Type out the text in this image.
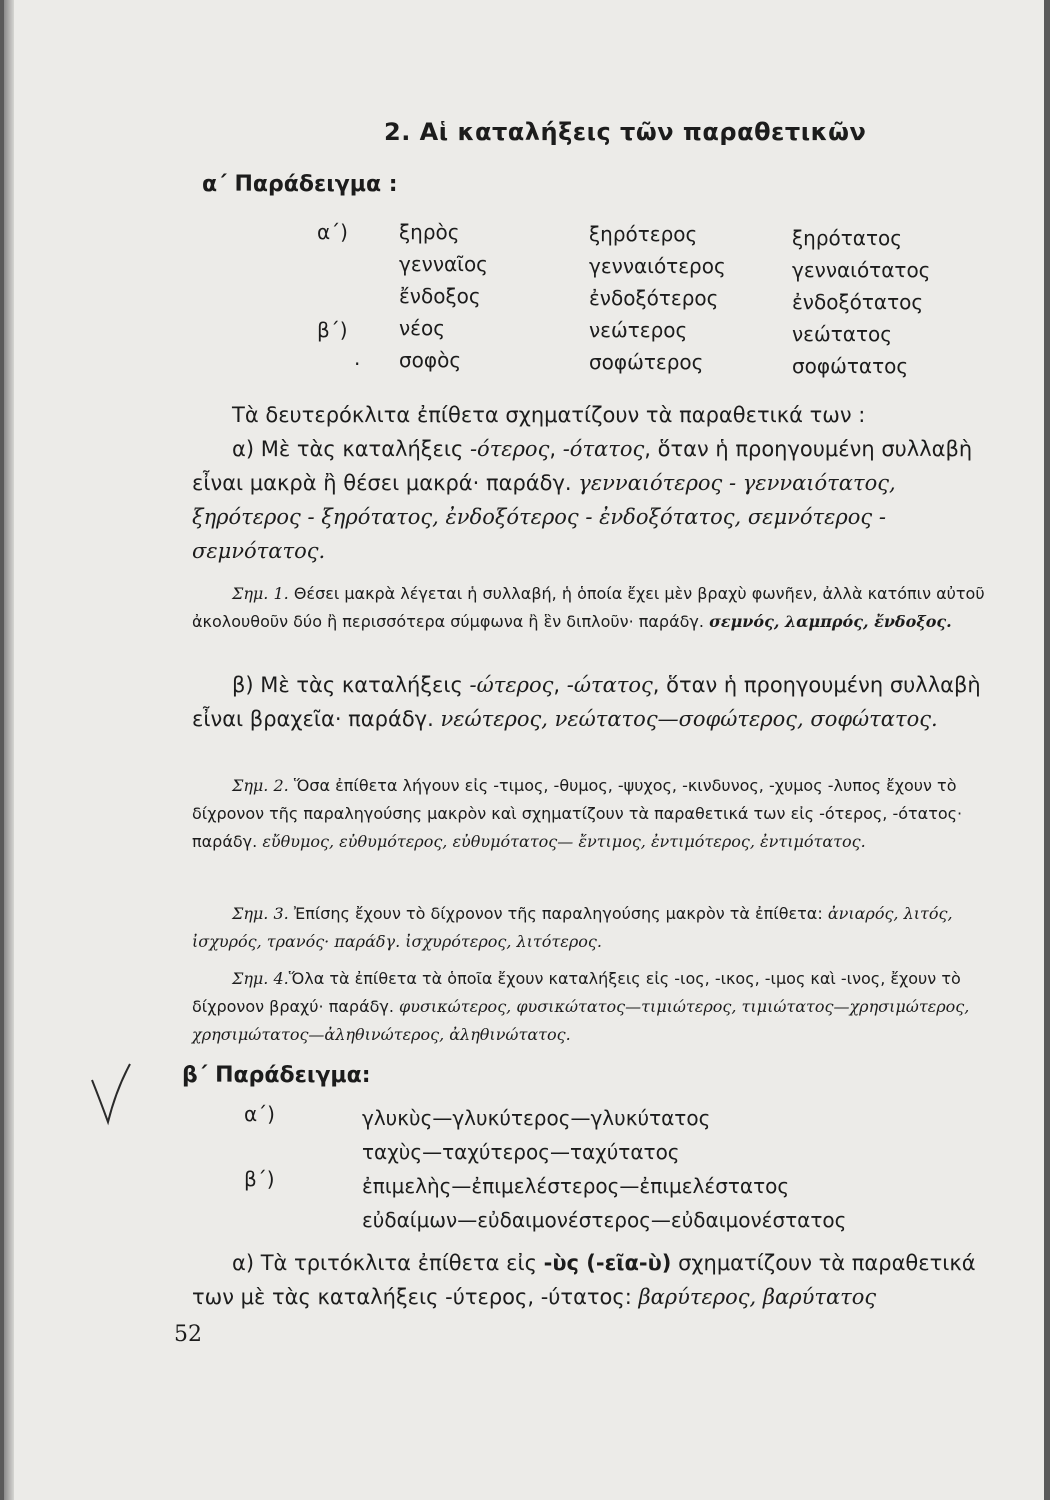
2. Αἱ καταλήξεις τῶν παραθετικῶν
α΄ Παράδειγμα :
α΄)
β΄)
·
ξηρὸς
γενναῖος
ἔνδοξος
νέος
σοφὸς
ξηρότερος
γενναιότερος
ἐνδοξότερος
νεώτερος
σοφώτερος
ξηρότατος
γενναιότατος
ἐνδοξότατος
νεώτατος
σοφώτατος
Τὰ δευτερόκλιτα ἐπίθετα σχηματίζουν τὰ παραθετικά των :
α) Μὲ τὰς καταλήξεις -ότερος, -ότατος, ὅταν ἡ προηγουμένη συλλαβὴ εἶναι μακρὰ ἢ θέσει μακρά· παράδγ. γενναιότερος - γενναιότατος, ξηρότερος - ξηρότατος, ἐνδοξότερος - ἐνδοξότατος, σεμνότερος - σεμνότατος.
Σημ. 1. Θέσει μακρὰ λέγεται ἡ συλλαβή, ἡ ὁποία ἔχει μὲν βραχὺ φωνῆεν, ἀλλὰ κατόπιν αὐτοῦ ἀκολουθοῦν δύο ἢ περισσότερα σύμφωνα ἢ ἓν διπλοῦν· παράδγ. σεμνός, λαμπρός, ἔνδοξος.
β) Μὲ τὰς καταλήξεις -ώτερος, -ώτατος, ὅταν ἡ προηγουμένη συλλαβὴ εἶναι βραχεῖα· παράδγ. νεώτερος, νεώτατος—σοφώτερος, σοφώτατος.
Σημ. 2. Ὅσα ἐπίθετα λήγουν εἰς -τιμος, -θυμος, -ψυχος, -κινδυνος, -χυμος -λυπος ἔχουν τὸ δίχρονον τῆς παραληγούσης μακρὸν καὶ σχηματίζουν τὰ παραθετικά των εἰς -ότερος, -ότατος· παράδγ. εὔθυμος, εὐθυμότερος, εὐθυμότατος— ἔντιμος, ἐντιμότερος, ἐντιμότατος.
Σημ. 3. Ἐπίσης ἔχουν τὸ δίχρονον τῆς παραληγούσης μακρὸν τὰ ἐπίθετα: ἀνιαρός, λιτός, ἰσχυρός, τρανός· παράδγ. ἰσχυρότερος, λιτότερος.
Σημ. 4.Ὅλα τὰ ἐπίθετα τὰ ὁποῖα ἔχουν καταλήξεις εἰς -ιος, -ικος, -ιμος καὶ -ινος, ἔχουν τὸ δίχρονον βραχύ· παράδγ. φυσικώτερος, φυσικώτατος—τιμιώτερος, τιμιώτατος—χρησιμώτερος, χρησιμώτατος—ἀληθινώτερος, ἀληθινώτατος.
β΄ Παράδειγμα:
α΄)
β΄)
γλυκὺς—γλυκύτερος—γλυκύτατος
ταχὺς—ταχύτερος—ταχύτατος
ἐπιμελὴς—ἐπιμελέστερος—ἐπιμελέστατος
εὐδαίμων—εὐδαιμονέστερος—εὐδαιμονέστατος
α) Τὰ τριτόκλιτα ἐπίθετα εἰς -ὺς (-εῖα-ὺ) σχηματίζουν τὰ παραθετικά των μὲ τὰς καταλήξεις -ύτερος, -ύτατος: βαρύτερος, βαρύτατος
52
